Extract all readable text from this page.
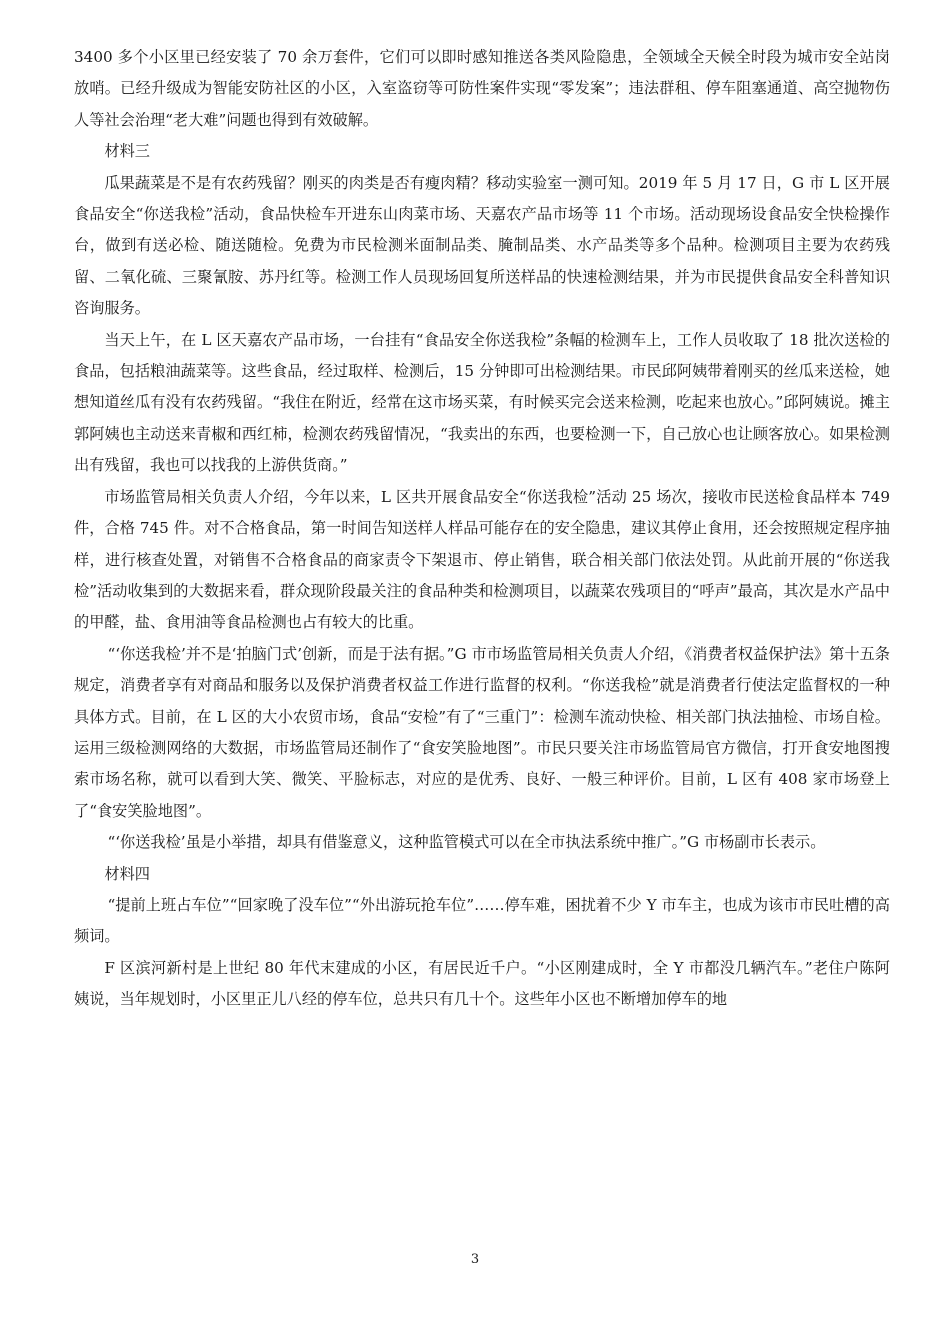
3400 多个小区里已经安装了 70 余万套件，它们可以即时感知推送各类风险隐患，全领域全天候全时段为城市安全站岗放哨。已经升级成为智能安防社区的小区，入室盗窃等可防性案件实现“零发案”；违法群租、停车阻塞通道、高空抛物伤人等社会治理“老大难”问题也得到有效破解。

材料三

瓜果蔬菜是不是有农药残留？刚买的肉类是否有瘦肉精？移动实验室一测可知。2019 年 5 月 17 日，G 市 L 区开展食品安全“你送我检”活动，食品快检车开进东山肉菜市场、天嘉农产品市场等 11 个市场。活动现场设食品安全快检操作台，做到有送必检、随送随检。免费为市民检测米面制品类、腌制品类、水产品类等多个品种。检测项目主要为农药残留、二氧化硫、三聚氰胺、苏丹红等。检测工作人员现场回复所送样品的快速检测结果，并为市民提供食品安全科普知识咨询服务。

当天上午，在 L 区天嘉农产品市场，一台挂有“食品安全你送我检”条幅的检测车上，工作人员收取了 18 批次送检的食品，包括粮油蔬菜等。这些食品，经过取样、检测后，15 分钟即可出检测结果。市民邱阿姨带着刚买的丝瓜来送检，她想知道丝瓜有没有农药残留。“我住在附近，经常在这市场买菜，有时候买完会送来检测，吃起来也放心。”邱阿姨说。摊主郭阿姨也主动送来青椒和西红柿，检测农药残留情况，“我卖出的东西，也要检测一下，自己放心也让顾客放心。如果检测出有残留，我也可以找我的上游供货商。”

市场监管局相关负责人介绍，今年以来，L 区共开展食品安全“你送我检”活动 25 场次，接收市民送检食品样本 749 件，合格 745 件。对不合格食品，第一时间告知送样人样品可能存在的安全隐患，建议其停止食用，还会按照规定程序抽样，进行核查处置，对销售不合格食品的商家责令下架退市、停止销售，联合相关部门依法处罚。从此前开展的“你送我检”活动收集到的大数据来看，群众现阶段最关注的食品种类和检测项目，以蔬菜农残项目的“呼声”最高，其次是水产品中的甲醛，盐、食用油等食品检测也占有较大的比重。

“‘你送我检’并不是‘拍脑门式’创新，而是于法有据。”G 市市场监管局相关负责人介绍，《消费者权益保护法》第十五条规定，消费者享有对商品和服务以及保护消费者权益工作进行监督的权利。“你送我检”就是消费者行使法定监督权的一种具体方式。目前，在 L 区的大小农贸市场，食品“安检”有了“三重门”：检测车流动快检、相关部门执法抽检、市场自检。运用三级检测网络的大数据，市场监管局还制作了“食安笑脸地图”。市民只要关注市场监管局官方微信，打开食安地图搜索市场名称，就可以看到大笑、微笑、平脸标志，对应的是优秀、良好、一般三种评价。目前，L 区有 408 家市场登上了“食安笑脸地图”。

“‘你送我检’虽是小举措，却具有借鉴意义，这种监管模式可以在全市执法系统中推广。”G 市杨副市长表示。

材料四

“提前上班占车位”“回家晚了没车位”“外出游玩抢车位”……停车难，困扰着不少 Y 市车主，也成为该市市民吐槽的高频词。

F 区滨河新村是上世纪 80 年代末建成的小区，有居民近千户。“小区刚建成时，全 Y 市都没几辆汽车。”老住户陈阿姨说，当年规划时，小区里正儿八经的停车位，总共只有几十个。这些年小区也不断增加停车的地

3
